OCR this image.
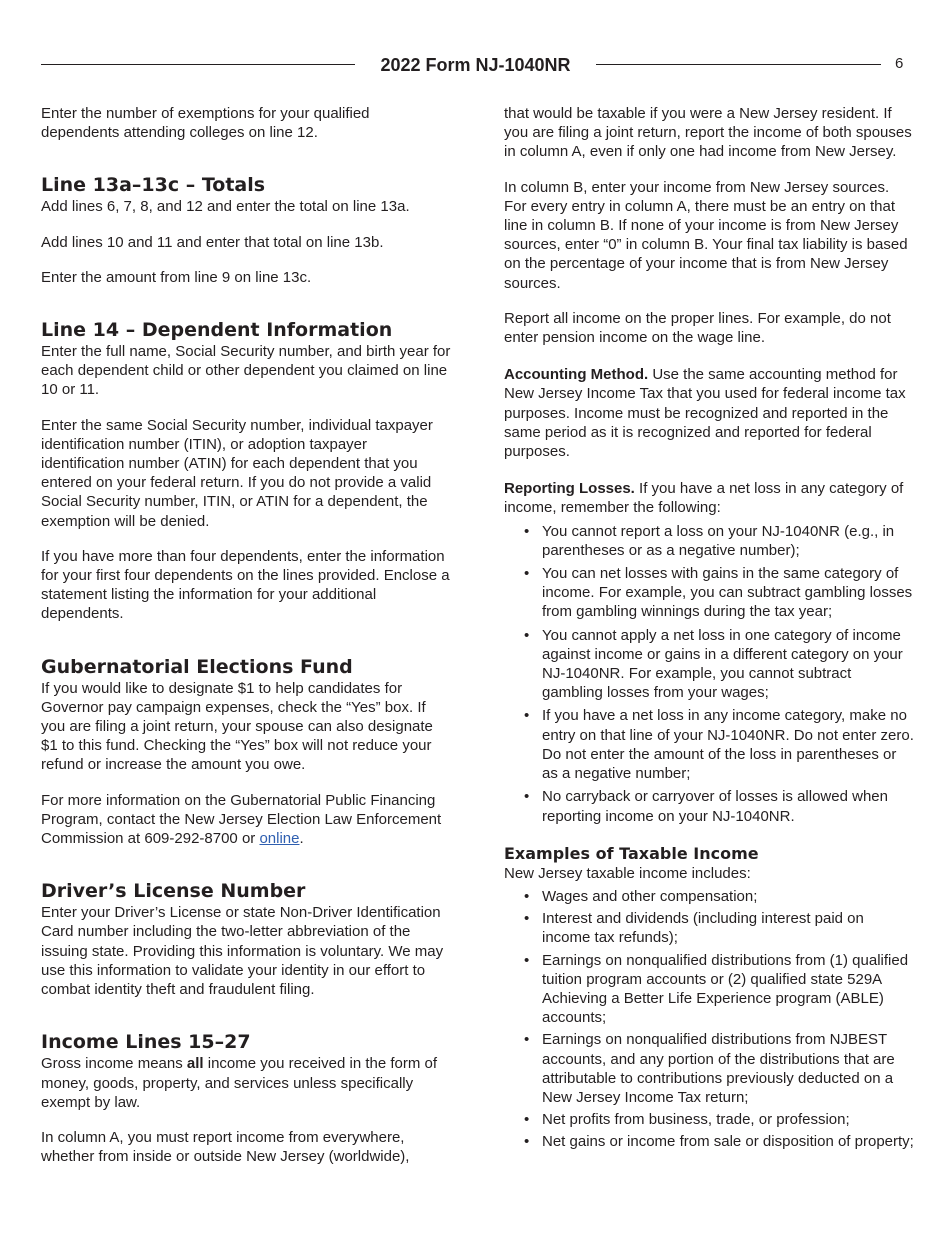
2022 Form NJ-1040NR	6

Enter the number of exemptions for your qualified dependents attending colleges on line 12.

Line 13a–13c – Totals

Add lines 6, 7, 8, and 12 and enter the total on line 13a.

Add lines 10 and 11 and enter that total on line 13b.

Enter the amount from line 9 on line 13c.

Line 14 – Dependent Information

Enter the full name, Social Security number, and birth year for each dependent child or other dependent you claimed on line 10 or 11.

Enter the same Social Security number, individual taxpayer identification number (ITIN), or adoption taxpayer identification number (ATIN) for each dependent that you entered on your federal return. If you do not provide a valid Social Security number, ITIN, or ATIN for a dependent, the exemption will be denied.

If you have more than four dependents, enter the information for your first four dependents on the lines provided. Enclose a statement listing the information for your additional dependents.

Gubernatorial Elections Fund

If you would like to designate $1 to help candidates for Governor pay campaign expenses, check the “Yes” box. If you are filing a joint return, your spouse can also designate $1 to this fund. Checking the “Yes” box will not reduce your refund or increase the amount you owe.

For more information on the Gubernatorial Public Financing Program, contact the New Jersey Election Law Enforcement Commission at 609-292-8700 or online.

Driver’s License Number

Enter your Driver’s License or state Non-Driver Identification Card number including the two-letter abbreviation of the issuing state. Providing this information is voluntary. We may use this information to validate your identity in our effort to combat identity theft and fraudulent filing.

Income Lines 15–27

Gross income means all income you received in the form of money, goods, property, and services unless specifically exempt by law.

In column A, you must report income from everywhere, whether from inside or outside New Jersey (worldwide),

that would be taxable if you were a New Jersey resident. If you are filing a joint return, report the income of both spouses in column A, even if only one had income from New Jersey.

In column B, enter your income from New Jersey sources. For every entry in column A, there must be an entry on that line in column B. If none of your income is from New Jersey sources, enter “0” in column B. Your final tax liability is based on the percentage of your income that is from New Jersey sources.

Report all income on the proper lines. For example, do not enter pension income on the wage line.

Accounting Method. Use the same accounting method for New Jersey Income Tax that you used for federal income tax purposes. Income must be recognized and reported in the same period as it is recognized and reported for federal purposes.

Reporting Losses. If you have a net loss in any category of income, remember the following:

• You cannot report a loss on your NJ-1040NR (e.g., in parentheses or as a negative number);
• You can net losses with gains in the same category of income. For example, you can subtract gambling losses from gambling winnings during the tax year;
• You cannot apply a net loss in one category of income against income or gains in a different category on your NJ-1040NR. For example, you cannot subtract gambling losses from your wages;
• If you have a net loss in any income category, make no entry on that line of your NJ-1040NR. Do not enter zero. Do not enter the amount of the loss in parentheses or as a negative number;
• No carryback or carryover of losses is allowed when reporting income on your NJ-1040NR.
Examples of Taxable Income

New Jersey taxable income includes:

• Wages and other compensation;
• Interest and dividends (including interest paid on income tax refunds);
• Earnings on nonqualified distributions from (1) qualified tuition program accounts or (2) qualified state 529A Achieving a Better Life Experience program (ABLE) accounts;
• Earnings on nonqualified distributions from NJBEST accounts, and any portion of the distributions that are attributable to contributions previously deducted on a New Jersey Income Tax return;
• Net profits from business, trade, or profession;
• Net gains or income from sale or disposition of property;
